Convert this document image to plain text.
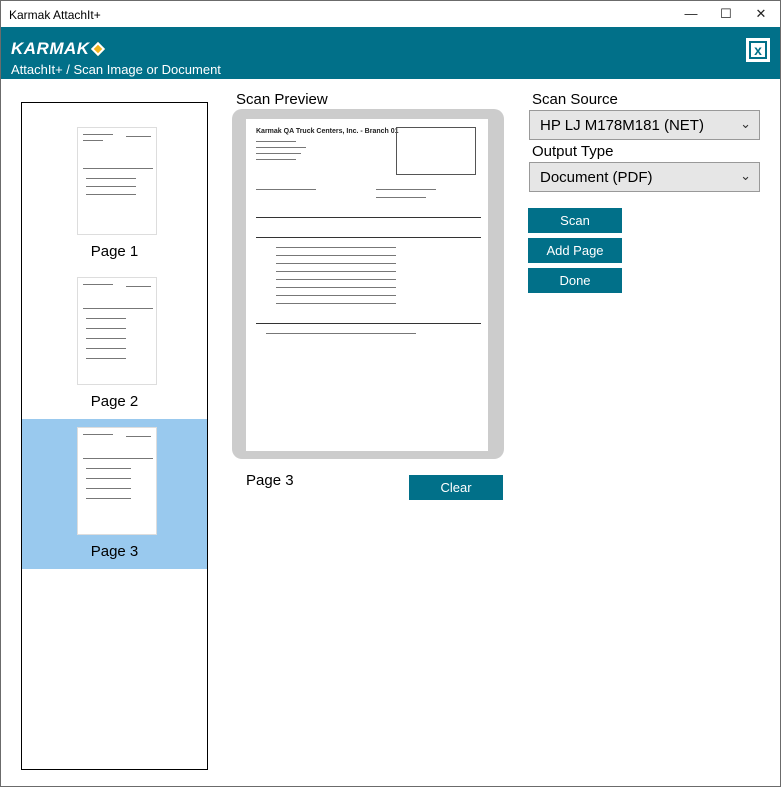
Karmak AttachIt+	—	☐	✕
KARMAK
AttachIt+ / Scan Image or Document
x
Page 1
Page 2
Page 3
Scan Preview
Karmak QA Truck Centers, Inc. - Branch 01
Page 3	Clear
Scan Source
HP LJ M178M181 (NET)	⌄
Output Type
Document (PDF)	⌄
Scan
Add Page
Done
